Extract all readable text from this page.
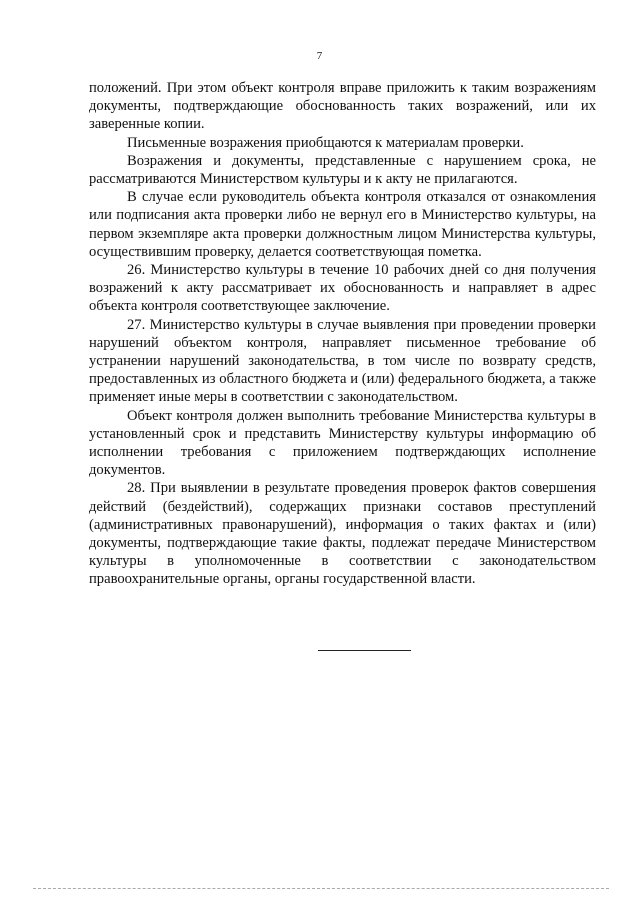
7

положений. При этом объект контроля вправе приложить к таким возражениям документы, подтверждающие обоснованность таких возражений, или их заверенные копии.

Письменные возражения приобщаются к материалам проверки.

Возражения и документы, представленные с нарушением срока, не рассматриваются Министерством культуры и к акту не прилагаются.

В случае если руководитель объекта контроля отказался от ознакомления или подписания акта проверки либо не вернул его в Министерство культуры, на первом экземпляре акта проверки должностным лицом Министерства культуры, осуществившим проверку, делается соответствующая пометка.

26. Министерство культуры в течение 10 рабочих дней со дня получения возражений к акту рассматривает их обоснованность и направляет в адрес объекта контроля соответствующее заключение.

27. Министерство культуры в случае выявления при проведении проверки нарушений объектом контроля, направляет письменное требование об устранении нарушений законодательства, в том числе по возврату средств, предоставленных из областного бюджета и (или) федерального бюджета, а также применяет иные меры в соответствии с законодательством.

Объект контроля должен выполнить требование Министерства культуры в установленный срок и представить Министерству культуры информацию об исполнении требования с приложением подтверждающих исполнение документов.

28. При выявлении в результате проведения проверок фактов совершения действий (бездействий), содержащих признаки составов преступлений (административных правонарушений), информация о таких фактах и (или) документы, подтверждающие такие факты, подлежат передаче Министерством культуры в уполномоченные в соответствии с законодательством правоохранительные органы, органы государственной власти.
